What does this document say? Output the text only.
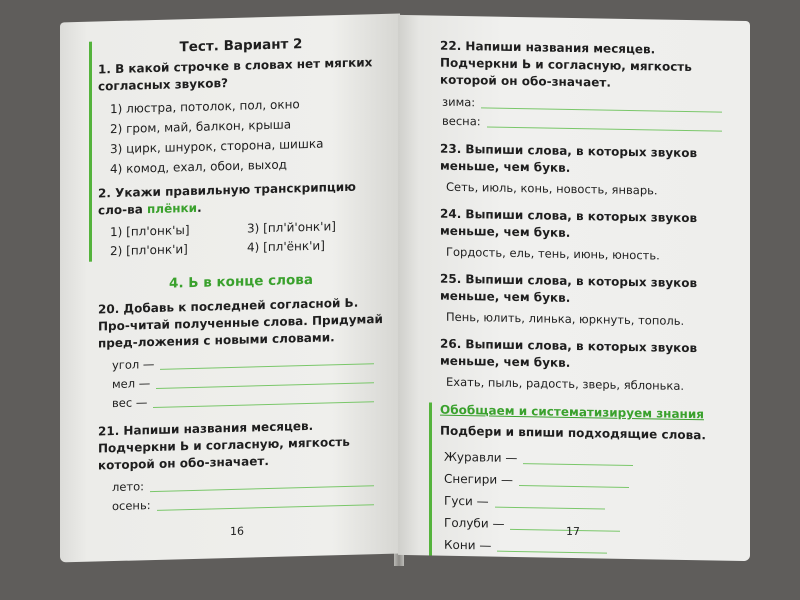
Тест. Вариант 2
1. В какой строчке в словах нет мягких согласных звуков?
1) люстра, потолок, пол, окно
2) гром, май, балкон, крыша
3) цирк, шнурок, сторона, шишка
4) комод, ехал, обои, выход
2. Укажи правильную транскрипцию сло-ва плёнки.
1) [пл'онк'ы]	3) [пл'й'онк'и]
2) [пл'онк'и]	4) [пл'ёнк'и]
4. Ь в конце слова
20. Добавь к последней согласной Ь. Про-читай полученные слова. Придумай пред-ложения с новыми словами.
угол —
мел —
вес —
21. Напиши названия месяцев. Подчеркни Ь и согласную, мягкость которой он обо-значает.
лето:
осень:
16
22. Напиши названия месяцев. Подчеркни Ь и согласную, мягкость которой он обо-значает.
зима:
весна:
23. Выпиши слова, в которых звуков меньше, чем букв.
Сеть, июль, конь, новость, январь.
24. Выпиши слова, в которых звуков меньше, чем букв.
Гордость, ель, тень, июнь, юность.
25. Выпиши слова, в которых звуков меньше, чем букв.
Пень, юлить, линька, юркнуть, тополь.
26. Выпиши слова, в которых звуков меньше, чем букв.
Ехать, пыль, радость, зверь, яблонька.
Обобщаем и систематизируем знания
Подбери и впиши подходящие слова.
Журавли —
Снегири —
Гуси —
Голуби —
Кони —
17
